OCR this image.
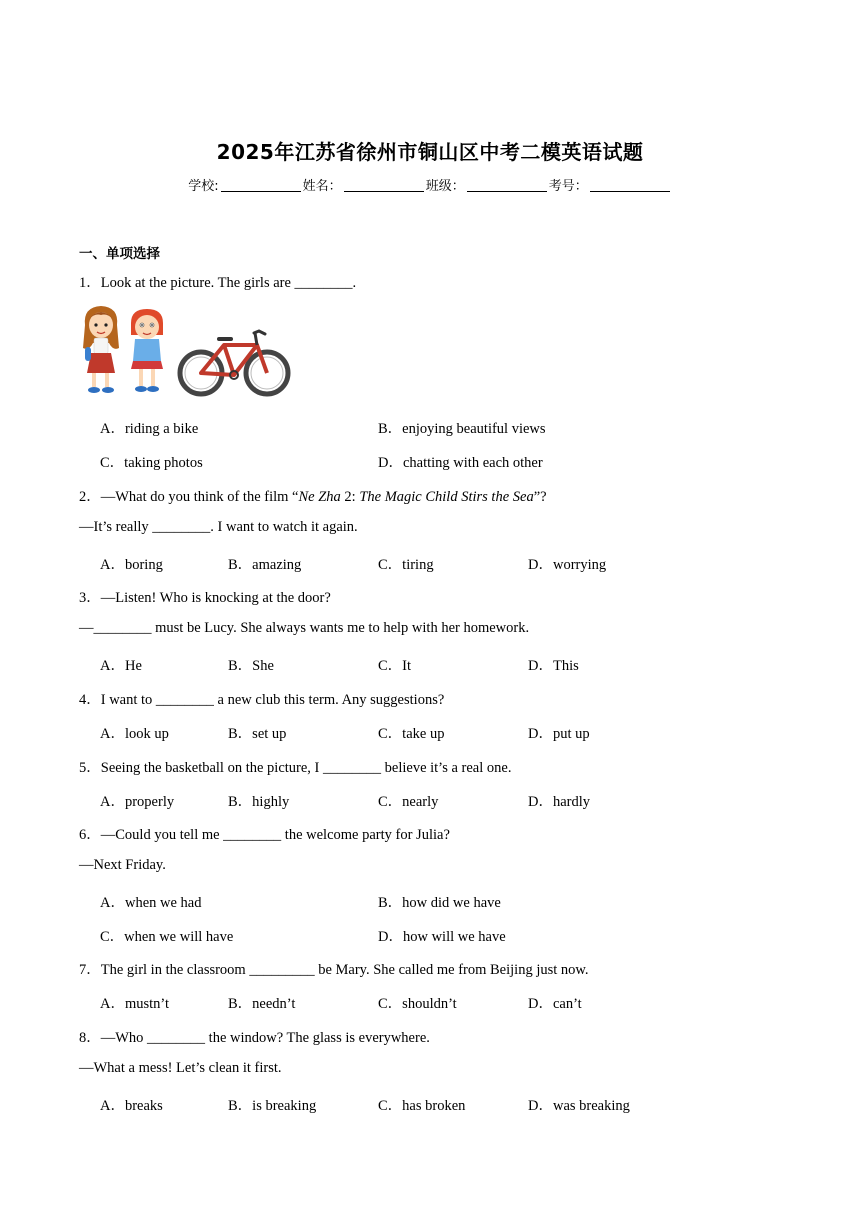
2025年江苏省徐州市铜山区中考二模英语试题
学校:	姓名：	班级：	考号：
一、单项选择
1．Look at the picture. The girls are ________.
A．riding a bike	B．enjoying beautiful views
C．taking photos	D．chatting with each other
2．—What do you think of the film “Ne Zha 2: The Magic Child Stirs the Sea”?
—It’s really ________. I want to watch it again.
A．boring	B．amazing	C．tiring	D．worrying
3．—Listen! Who is knocking at the door?
—________ must be Lucy. She always wants me to help with her homework.
A．He	B．She	C．It	D．This
4．I want to ________ a new club this term. Any suggestions?
A．look up	B．set up	C．take up	D．put up
5．Seeing the basketball on the picture, I ________ believe it’s a real one.
A．properly	B．highly	C．nearly	D．hardly
6．—Could you tell me ________ the welcome party for Julia?
—Next Friday.
A．when we had	B．how did we have
C．when we will have	D．how will we have
7．The girl in the classroom _________ be Mary. She called me from Beijing just now.
A．mustn’t	B．needn’t	C．shouldn’t	D．can’t
8．—Who ________ the window? The glass is everywhere.
—What a mess! Let’s clean it first.
A．breaks	B．is breaking	C．has broken	D．was breaking
